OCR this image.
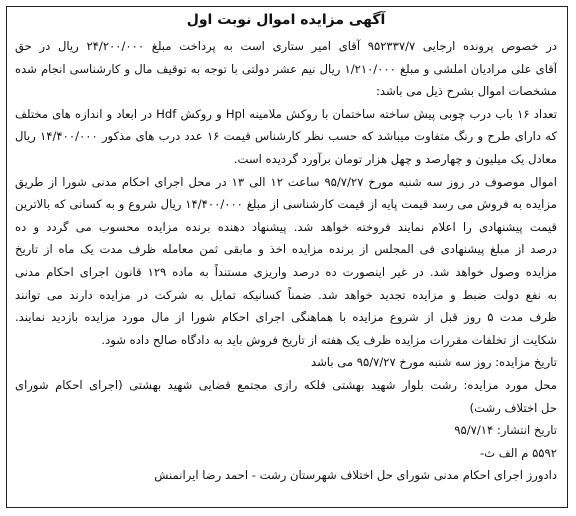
آگهی مزایده اموال نوبت اول
در خصوص پرونده ارجایی ۹۵۲۳۳۷/۷ آقای امیر ستاری است به پرداخت مبلغ ۲۴/۲۰۰/۰۰۰ ریال در حق
آقای علی مرادیان املشی و مبلغ ۱/۲۱۰/۰۰۰ ریال نیم عشر دولتی با توجه به توقیف مال و کارشناسی انجام شده
مشخصات اموال بشرح ذیل می باشد:
تعداد ۱۶ باب درب چوبی پیش ساخته ساختمان با روکش ملامینه Hpl و روکش Hdf در ابعاد و اندازه های مختلف
که دارای طرح و رنگ متفاوت میباشد که حسب نظر کارشناس قیمت ۱۶ عدد درب های مذکور ۱۴/۴۰۰/۰۰۰ ریال
معادل یک میلیون و چهارصد و چهل هزار تومان برآورد گردیده است.
اموال موصوف در روز سه شنبه مورخ ۹۵/۷/۲۷ ساعت ۱۲ الی ۱۳ در محل اجرای احکام مدنی شورا از طریق
مزایده به فروش می رسد قیمت پایه از قیمت کارشناسی از مبلغ ۱۴/۴۰۰/۰۰۰ ریال شروع و به کسانی که بالاترین
قیمت پیشنهادی را اعلام نمایند فروخته خواهد شد. پیشنهاد دهنده برنده مزایده محسوب می گردد و ده
درصد از مبلغ پیشنهادی فی المجلس از برنده مزایده اخذ و مابقی ثمن معامله ظرف مدت یک ماه از تاریخ
مزایده وصول خواهد شد. در غیر اینصورت ده درصد واریزی مستنداً به ماده ۱۲۹ قانون اجرای احکام مدنی
به نفع دولت ضبط و مزایده تجدید خواهد شد. ضمناً کسانیکه تمایل به شرکت در مزایده دارند می توانند
ظرف مدت ۵ روز قبل از شروع مزایده با هماهنگی اجرای احکام شورا از مال مورد مزایده بازدید نمایند.
شکایت از تخلفات مقررات مزایده ظرف یک هفته از تاریخ فروش باید به دادگاه صالح داده شود.
تاریخ مزایده: روز سه شنبه مورخ ۹۵/۷/۲۷ می باشد
محل مورد مزایده: رشت بلوار شهید بهشتی فلکه رازی مجتمع قضایی شهید بهشتی (اجرای احکام شورای
حل اختلاف رشت)
تاریخ انتشار: ۹۵/۷/۱۴
۵۵۹۲ م الف ث-
دادورز اجرای احکام مدنی شورای حل اختلاف شهرستان رشت - احمد رضا ایرانمنش
